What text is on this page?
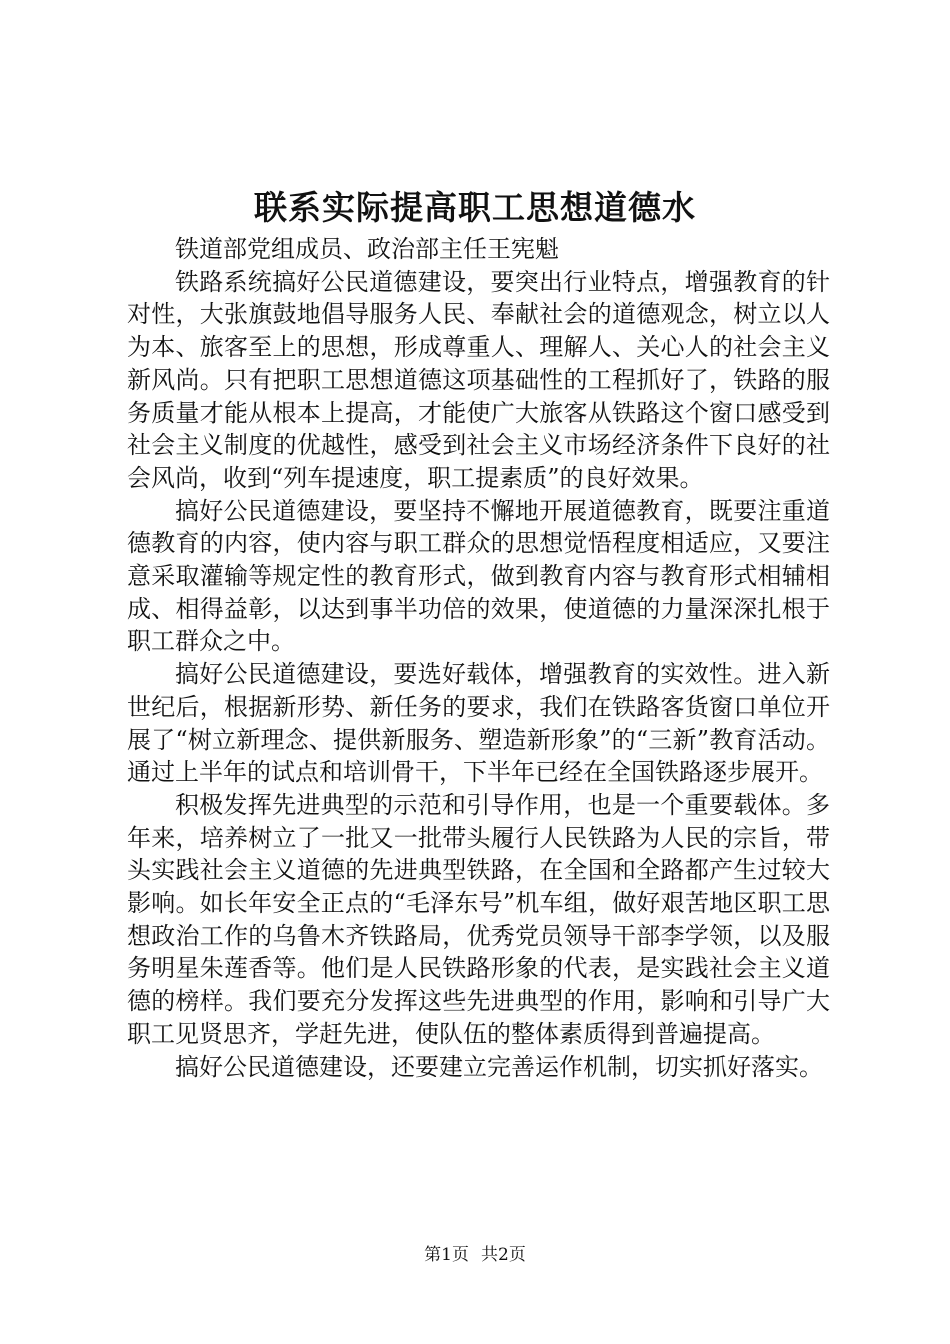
联系实际提高职工思想道德水

铁道部党组成员、政治部主任王宪魁

铁路系统搞好公民道德建设，要突出行业特点，增强教育的针对性，大张旗鼓地倡导服务人民、奉献社会的道德观念，树立以人为本、旅客至上的思想，形成尊重人、理解人、关心人的社会主义新风尚。只有把职工思想道德这项基础性的工程抓好了，铁路的服务质量才能从根本上提高，才能使广大旅客从铁路这个窗口感受到社会主义制度的优越性，感受到社会主义市场经济条件下良好的社会风尚，收到“列车提速度，职工提素质”的良好效果。

搞好公民道德建设，要坚持不懈地开展道德教育，既要注重道德教育的内容，使内容与职工群众的思想觉悟程度相适应，又要注意采取灌输等规定性的教育形式，做到教育内容与教育形式相辅相成、相得益彰，以达到事半功倍的效果，使道德的力量深深扎根于职工群众之中。

搞好公民道德建设，要选好载体，增强教育的实效性。进入新世纪后，根据新形势、新任务的要求，我们在铁路客货窗口单位开展了“树立新理念、提供新服务、塑造新形象”的“三新”教育活动。通过上半年的试点和培训骨干，下半年已经在全国铁路逐步展开。

积极发挥先进典型的示范和引导作用，也是一个重要载体。多年来，培养树立了一批又一批带头履行人民铁路为人民的宗旨，带头实践社会主义道德的先进典型铁路，在全国和全路都产生过较大影响。如长年安全正点的“毛泽东号”机车组，做好艰苦地区职工思想政治工作的乌鲁木齐铁路局，优秀党员领导干部李学领，以及服务明星朱莲香等。他们是人民铁路形象的代表，是实践社会主义道德的榜样。我们要充分发挥这些先进典型的作用，影响和引导广大职工见贤思齐，学赶先进，使队伍的整体素质得到普遍提高。

搞好公民道德建设，还要建立完善运作机制，切实抓好落实。

第1页 共2页
